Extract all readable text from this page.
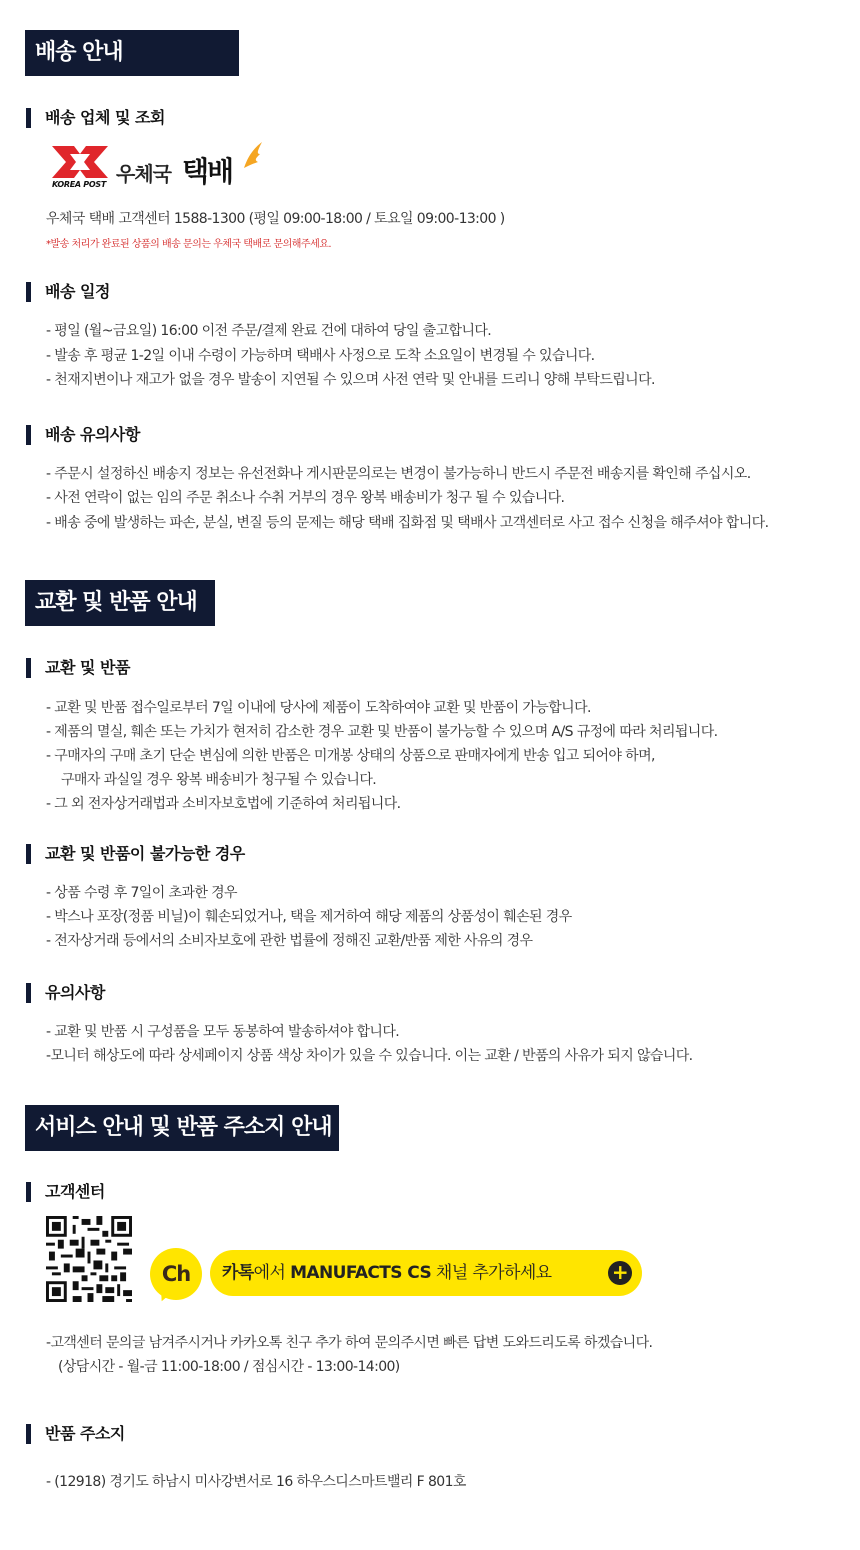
배송 안내
배송 업체 및 조회
KOREA POST 우체국 택배
우체국 택배 고객센터 1588-1300 (평일 09:00-18:00 / 토요일 09:00-13:00 )
*발송 처리가 완료된 상품의 배송 문의는 우체국 택배로 문의해주세요.
배송 일정
- 평일 (월~금요일) 16:00 이전 주문/결제 완료 건에 대하여 당일 출고합니다.
- 발송 후 평균 1-2일 이내 수령이 가능하며 택배사 사정으로 도착 소요일이 변경될 수 있습니다.
- 천재지변이나 재고가 없을 경우 발송이 지연될 수 있으며 사전 연락 및 안내를 드리니 양해 부탁드립니다.
배송 유의사항
- 주문시 설정하신 배송지 정보는 유선전화나 게시판문의로는 변경이 불가능하니 반드시 주문전 배송지를 확인해 주십시오.
- 사전 연락이 없는 임의 주문 취소나 수취 거부의 경우 왕복 배송비가 청구 될 수 있습니다.
- 배송 중에 발생하는 파손, 분실, 변질 등의 문제는 해당 택배 집화점 및 택배사 고객센터로 사고 접수 신청을 해주셔야 합니다.
교환 및 반품 안내
교환 및 반품
- 교환 및 반품 접수일로부터 7일 이내에 당사에 제품이 도착하여야 교환 및 반품이 가능합니다.
- 제품의 멸실, 훼손 또는 가치가 현저히 감소한 경우 교환 및 반품이 불가능할 수 있으며 A/S 규정에 따라 처리됩니다.
- 구매자의 구매 초기 단순 변심에 의한 반품은 미개봉 상태의 상품으로 판매자에게 반송 입고 되어야 하며,
구매자 과실일 경우 왕복 배송비가 청구될 수 있습니다.
- 그 외 전자상거래법과 소비자보호법에 기준하여 처리됩니다.
교환 및 반품이 불가능한 경우
- 상품 수령 후 7일이 초과한 경우
- 박스나 포장(정품 비닐)이 훼손되었거나, 택을 제거하여 해당 제품의 상품성이 훼손된 경우
- 전자상거래 등에서의 소비자보호에 관한 법률에 정해진 교환/반품 제한 사유의 경우
유의사항
- 교환 및 반품 시 구성품을 모두 동봉하여 발송하셔야 합니다.
-모니터 해상도에 따라 상세페이지 상품 색상 차이가 있을 수 있습니다. 이는 교환 / 반품의 사유가 되지 않습니다.
서비스 안내 및 반품 주소지 안내
고객센터
Ch	카톡에서 MANUFACTS CS 채널 추가하세요	+
-고객센터 문의글 남겨주시거나 카카오톡 친구 추가 하여 문의주시면 빠른 답변 도와드리도록 하겠습니다.
(상담시간 - 월-금 11:00-18:00 / 점심시간 - 13:00-14:00)
반품 주소지
- (12918) 경기도 하남시 미사강변서로 16 하우스디스마트밸리 F 801호
